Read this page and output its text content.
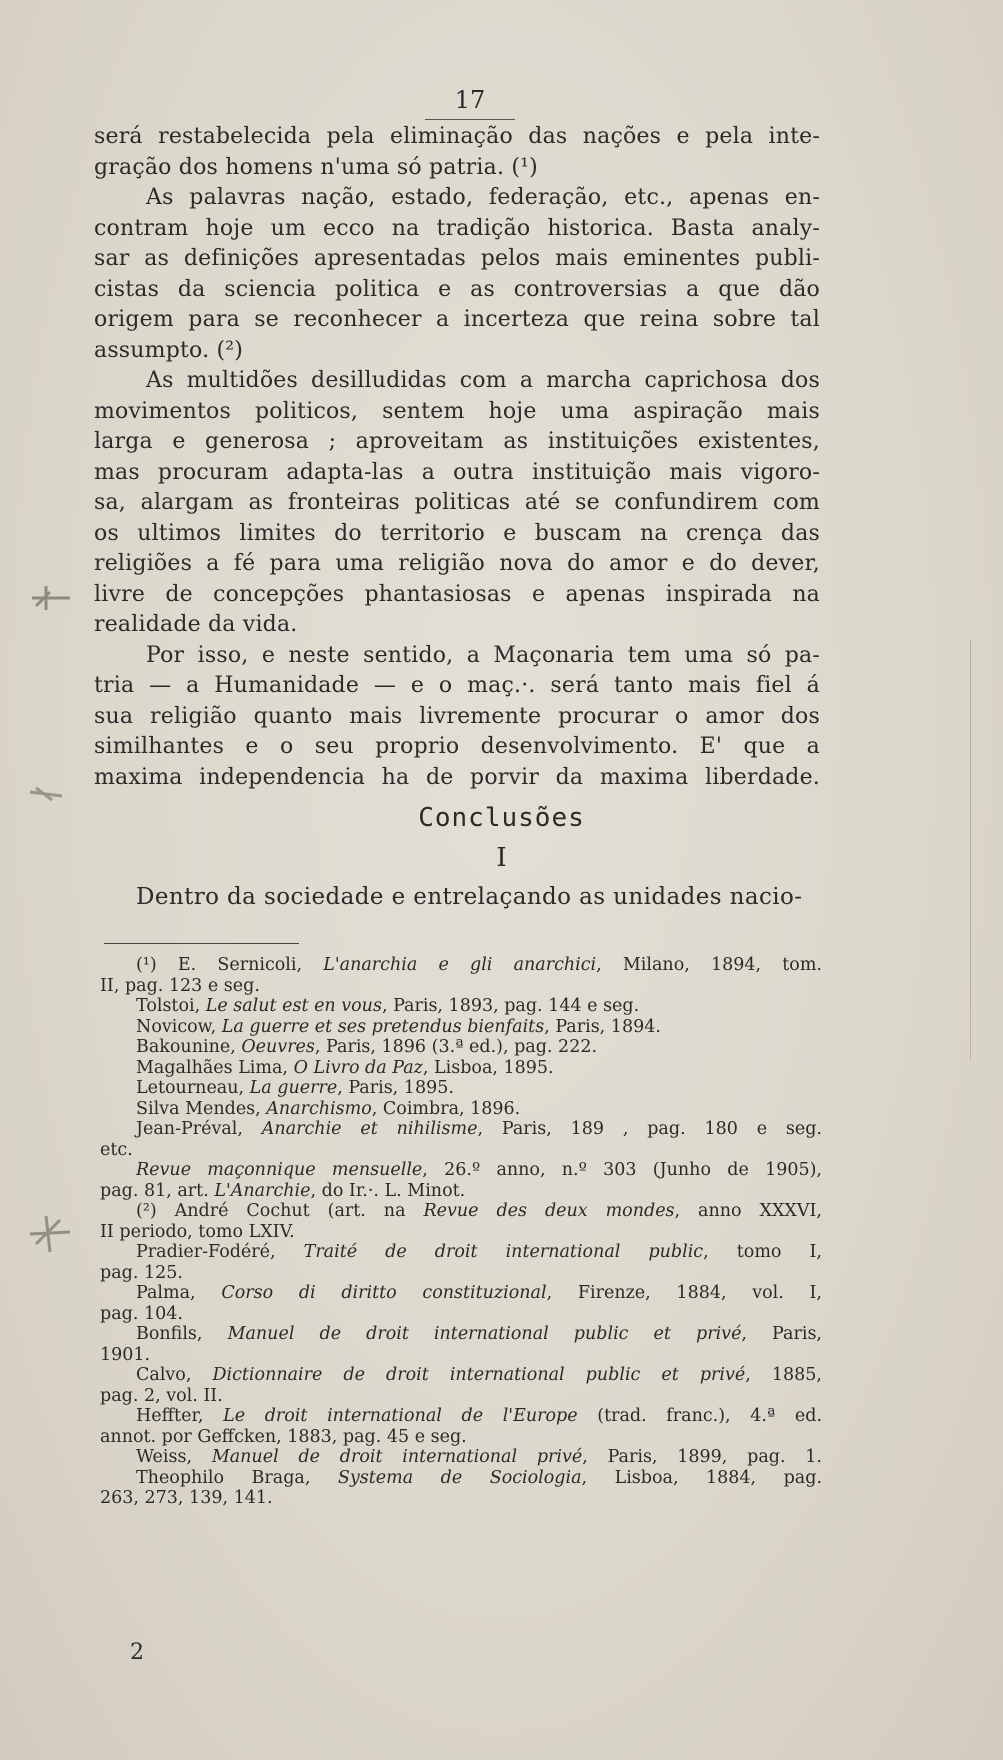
17
será restabelecida pela eliminação das nações e pela inte-
gração dos homens n'uma só patria. (¹)
As palavras nação, estado, federação, etc., apenas en-
contram hoje um ecco na tradição historica. Basta analy-
sar as definições apresentadas pelos mais eminentes publi-
cistas da sciencia politica e as controversias a que dão
origem para se reconhecer a incerteza que reina sobre tal
assumpto. (²)
As multidões desilludidas com a marcha caprichosa dos
movimentos politicos, sentem hoje uma aspiração mais
larga e generosa ; aproveitam as instituições existentes,
mas procuram adapta-las a outra instituição mais vigoro-
sa, alargam as fronteiras politicas até se confundirem com
os ultimos limites do territorio e buscam na crença das
religiões a fé para uma religião nova do amor e do dever,
livre de concepções phantasiosas e apenas inspirada na
realidade da vida.
Por isso, e neste sentido, a Maçonaria tem uma só pa-
tria — a Humanidade — e o maç.·. será tanto mais fiel á
sua religião quanto mais livremente procurar o amor dos
similhantes e o seu proprio desenvolvimento. E' que a
maxima independencia ha de porvir da maxima liberdade.
Conclusões
I
Dentro da sociedade e entrelaçando as unidades nacio-
(¹) E. Sernicoli, L'anarchia e gli anarchici, Milano, 1894, tom.
II, pag. 123 e seg.
Tolstoi, Le salut est en vous, Paris, 1893, pag. 144 e seg.
Novicow, La guerre et ses pretendus bienfaits, Paris, 1894.
Bakounine, Oeuvres, Paris, 1896 (3.ª ed.), pag. 222.
Magalhães Lima, O Livro da Paz, Lisboa, 1895.
Letourneau, La guerre, Paris, 1895.
Silva Mendes, Anarchismo, Coimbra, 1896.
Jean-Préval, Anarchie et nihilisme, Paris, 189 , pag. 180 e seg.
etc.
Revue maçonnique mensuelle, 26.º anno, n.º 303 (Junho de 1905),
pag. 81, art. L'Anarchie, do Ir.·. L. Minot.
(²) André Cochut (art. na Revue des deux mondes, anno XXXVI,
II periodo, tomo LXIV.
Pradier-Fodéré, Traité de droit international public, tomo I,
pag. 125.
Palma, Corso di diritto constituzional, Firenze, 1884, vol. I,
pag. 104.
Bonfils, Manuel de droit international public et privé, Paris,
1901.
Calvo, Dictionnaire de droit international public et privé, 1885,
pag. 2, vol. II.
Heffter, Le droit international de l'Europe (trad. franc.), 4.ª ed.
annot. por Geffcken, 1883, pag. 45 e seg.
Weiss, Manuel de droit international privé, Paris, 1899, pag. 1.
Theophilo Braga, Systema de Sociologia, Lisboa, 1884, pag.
263, 273, 139, 141.
2
